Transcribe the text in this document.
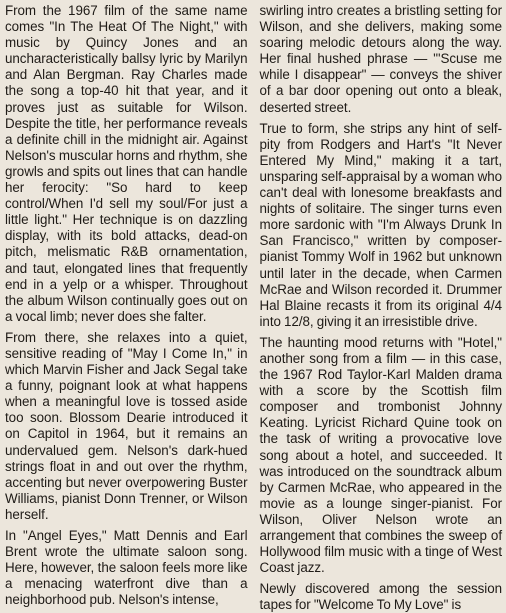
From the 1967 film of the same name comes "In The Heat Of The Night," with music by Quincy Jones and an uncharacteristically ballsy lyric by Marilyn and Alan Bergman. Ray Charles made the song a top-40 hit that year, and it proves just as suitable for Wilson. Despite the title, her performance reveals a definite chill in the midnight air. Against Nelson's muscular horns and rhythm, she growls and spits out lines that can handle her ferocity: "So hard to keep control/When I'd sell my soul/For just a little light." Her technique is on dazzling display, with its bold attacks, dead-on pitch, melismatic R&B ornamentation, and taut, elongated lines that frequently end in a yelp or a whisper. Throughout the album Wilson continually goes out on a vocal limb; never does she falter.

From there, she relaxes into a quiet, sensitive reading of "May I Come In," in which Marvin Fisher and Jack Segal take a funny, poignant look at what happens when a meaningful love is tossed aside too soon. Blossom Dearie introduced it on Capitol in 1964, but it remains an undervalued gem. Nelson's dark-hued strings float in and out over the rhythm, accenting but never overpowering Buster Williams, pianist Donn Trenner, or Wilson herself.

In "Angel Eyes," Matt Dennis and Earl Brent wrote the ultimate saloon song. Here, however, the saloon feels more like a menacing waterfront dive than a neighborhood pub. Nelson's intense,

swirling intro creates a bristling setting for Wilson, and she delivers, making some soaring melodic detours along the way. Her final hushed phrase — "'Scuse me while I disappear" — conveys the shiver of a bar door opening out onto a bleak, deserted street.

True to form, she strips any hint of self-pity from Rodgers and Hart's "It Never Entered My Mind," making it a tart, unsparing self-appraisal by a woman who can't deal with lonesome breakfasts and nights of solitaire. The singer turns even more sardonic with "I'm Always Drunk In San Francisco," written by composer-pianist Tommy Wolf in 1962 but unknown until later in the decade, when Carmen McRae and Wilson recorded it. Drummer Hal Blaine recasts it from its original 4/4 into 12/8, giving it an irresistible drive.

The haunting mood returns with "Hotel," another song from a film — in this case, the 1967 Rod Taylor-Karl Malden drama with a score by the Scottish film composer and trombonist Johnny Keating. Lyricist Richard Quine took on the task of writing a provocative love song about a hotel, and succeeded. It was introduced on the soundtrack album by Carmen McRae, who appeared in the movie as a lounge singer-pianist. For Wilson, Oliver Nelson wrote an arrangement that combines the sweep of Hollywood film music with a tinge of West Coast jazz.

Newly discovered among the session tapes for "Welcome To My Love" is
